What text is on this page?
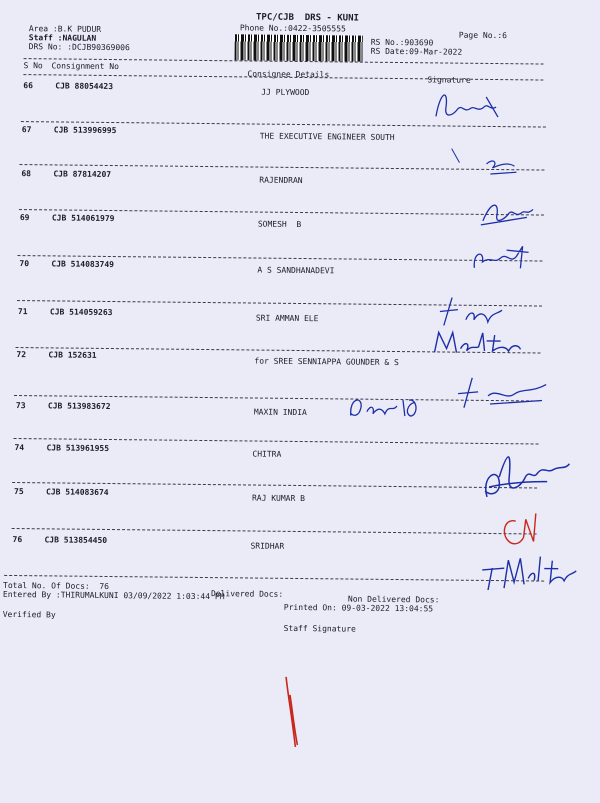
TPC/CJB  DRS - KUNI
Phone No.:0422-3505555
Area :B.K PUDUR
Staff :NAGULAN
DRS No: :DCJB90369006	RS No.:903690
RS Date:09-Mar-2022
Page No.:6
S No Consignment No
Consignee Details
Signature
66	CJB 88054423
JJ PLYWOOD
67	CJB 513996995
THE EXECUTIVE ENGINEER SOUTH
68	CJB 87814207
RAJENDRAN
69	CJB 514061979
SOMESH  B
70	CJB 514083749
A S SANDHANADEVI
71	CJB 514059263
SRI AMMAN ELE
72	CJB 152631
for SREE SENNIAPPA GOUNDER & S
73	CJB 513983672
MAXIN INDIA
74	CJB 513961955
CHITRA
75	CJB 514083674
RAJ KUMAR B
76	CJB 513854450
SRIDHAR
Total No. Of Docs:  76
Delivered Docs:
Non Delivered Docs:
Entered By :THIRUMALKUNI 03/09/2022 1:03:44 PM
Printed On: 09-03-2022 13:04:55
Verified By
Staff Signature
